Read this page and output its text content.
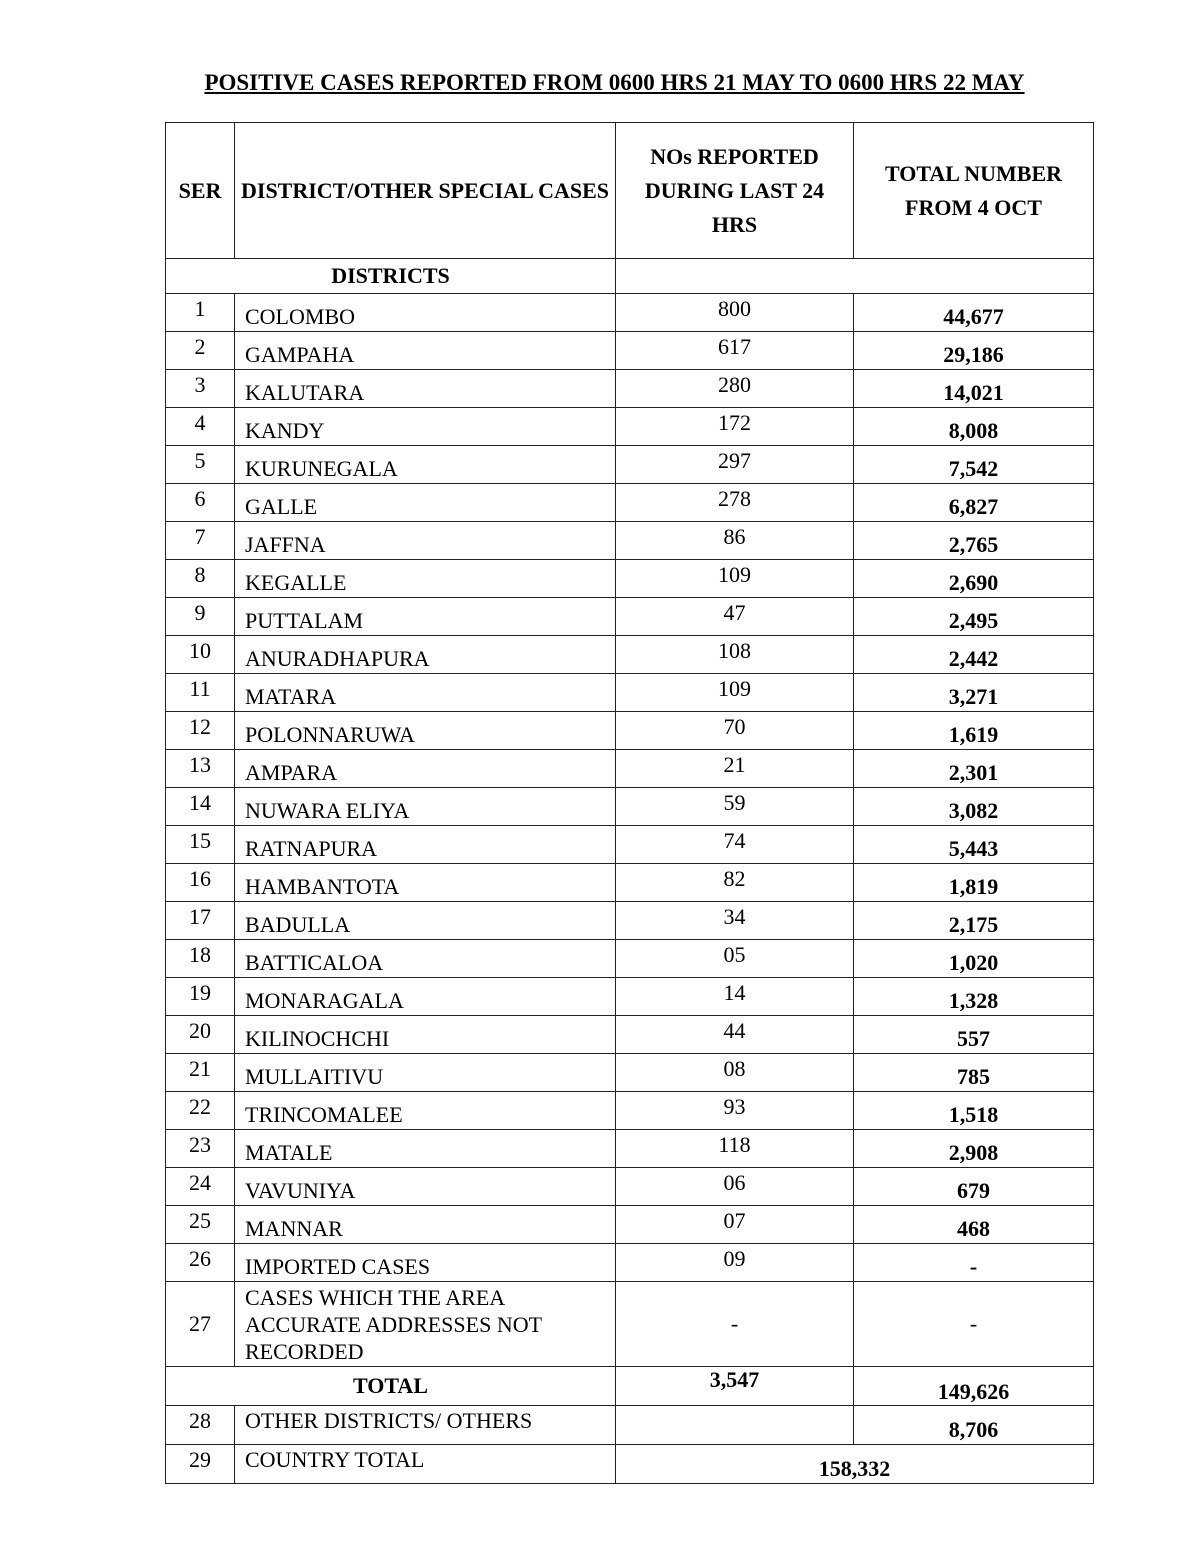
POSITIVE CASES REPORTED FROM 0600 HRS 21 MAY TO 0600 HRS 22 MAY
SER	DISTRICT/OTHER SPECIAL CASES	NOs REPORTED DURING LAST 24 HRS	TOTAL NUMBER FROM 4 OCT
DISTRICTS			
1	COLOMBO	800	44,677
2	GAMPAHA	617	29,186
3	KALUTARA	280	14,021
4	KANDY	172	8,008
5	KURUNEGALA	297	7,542
6	GALLE	278	6,827
7	JAFFNA	86	2,765
8	KEGALLE	109	2,690
9	PUTTALAM	47	2,495
10	ANURADHAPURA	108	2,442
11	MATARA	109	3,271
12	POLONNARUWA	70	1,619
13	AMPARA	21	2,301
14	NUWARA ELIYA	59	3,082
15	RATNAPURA	74	5,443
16	HAMBANTOTA	82	1,819
17	BADULLA	34	2,175
18	BATTICALOA	05	1,020
19	MONARAGALA	14	1,328
20	KILINOCHCHI	44	557
21	MULLAITIVU	08	785
22	TRINCOMALEE	93	1,518
23	MATALE	118	2,908
24	VAVUNIYA	06	679
25	MANNAR	07	468
26	IMPORTED CASES	09	-
27	CASES WHICH THE AREA ACCURATE ADDRESSES NOT RECORDED	-	-
TOTAL		3,547	149,626
28	OTHER DISTRICTS/ OTHERS		8,706
29	COUNTRY TOTAL	158,332	
